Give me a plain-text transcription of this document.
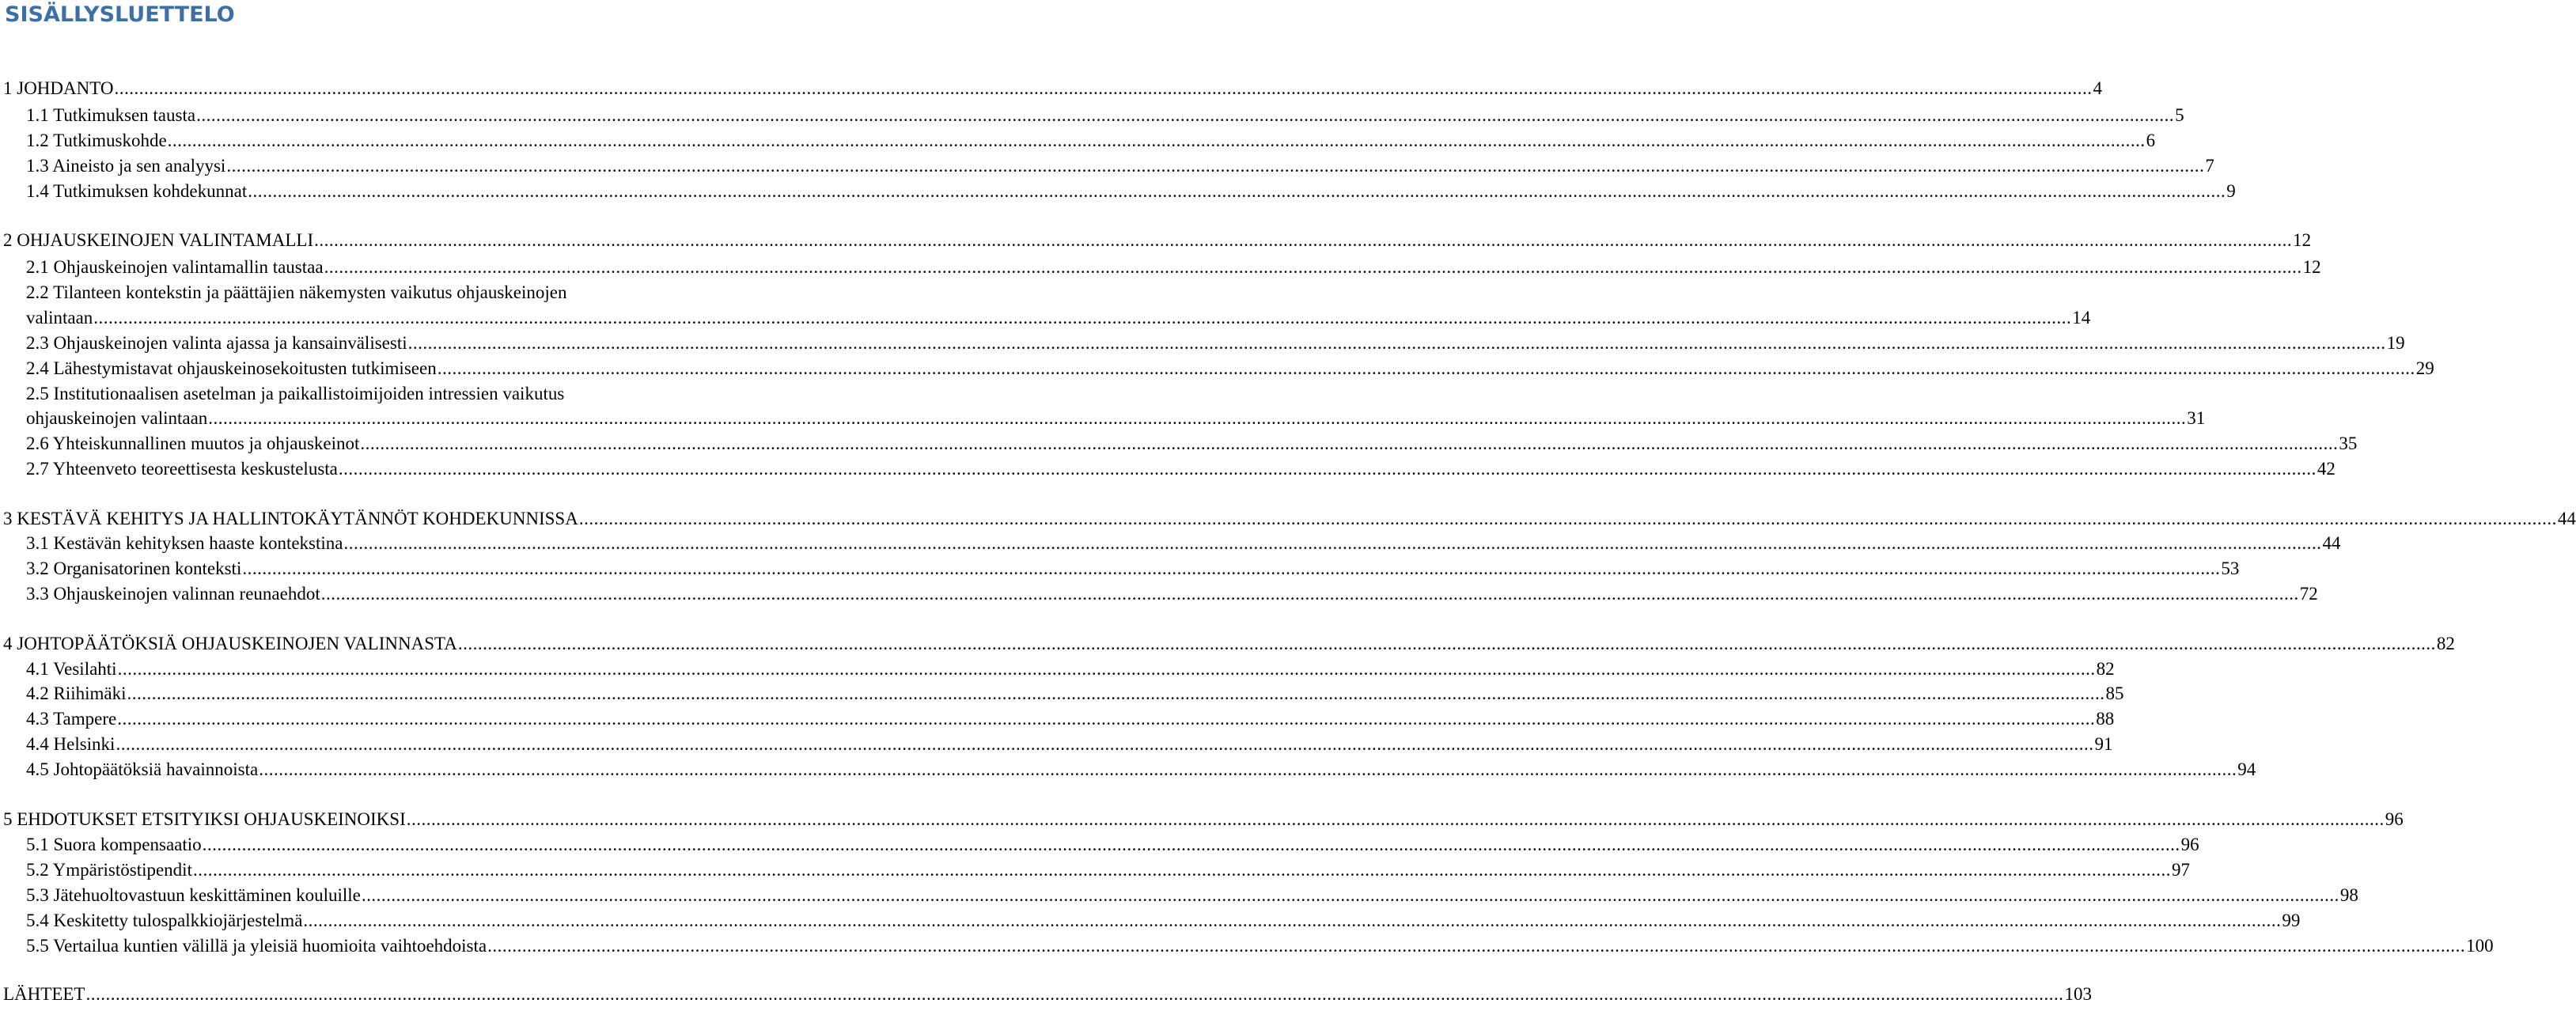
SISÄLLYSLUETTELO
1 JOHDANTO ................................................................................................................................................................................................................................................................................................................................................................................................................ 4
1.1 Tutkimuksen tausta ................................................................................................................................................................................................................................................................................................................................................................................................................ 5
1.2 Tutkimuskohde ................................................................................................................................................................................................................................................................................................................................................................................................................ 6
1.3 Aineisto ja sen analyysi ................................................................................................................................................................................................................................................................................................................................................................................................................ 7
1.4 Tutkimuksen kohdekunnat ................................................................................................................................................................................................................................................................................................................................................................................................................ 9
2 OHJAUSKEINOJEN VALINTAMALLI ................................................................................................................................................................................................................................................................................................................................................................................................................ 12
2.1 Ohjauskeinojen valintamallin taustaa ................................................................................................................................................................................................................................................................................................................................................................................................................ 12
2.2 Tilanteen kontekstin ja päättäjien näkemysten vaikutus ohjauskeinojen
valintaan ................................................................................................................................................................................................................................................................................................................................................................................................................ 14
2.3 Ohjauskeinojen valinta ajassa ja kansainvälisesti ................................................................................................................................................................................................................................................................................................................................................................................................................ 19
2.4 Lähestymistavat ohjauskeinosekoitusten tutkimiseen ................................................................................................................................................................................................................................................................................................................................................................................................................ 29
2.5 Institutionaalisen asetelman ja paikallistoimijoiden intressien vaikutus
ohjauskeinojen valintaan ................................................................................................................................................................................................................................................................................................................................................................................................................ 31
2.6 Yhteiskunnallinen muutos ja ohjauskeinot ................................................................................................................................................................................................................................................................................................................................................................................................................ 35
2.7 Yhteenveto teoreettisesta keskustelusta ................................................................................................................................................................................................................................................................................................................................................................................................................ 42
3 KESTÄVÄ KEHITYS JA HALLINTOKÄYTÄNNÖT KOHDEKUNNISSA ................................................................................................................................................................................................................................................................................................................................................................................................................ 44
3.1 Kestävän kehityksen haaste kontekstina ................................................................................................................................................................................................................................................................................................................................................................................................................ 44
3.2 Organisatorinen konteksti ................................................................................................................................................................................................................................................................................................................................................................................................................ 53
3.3 Ohjauskeinojen valinnan reunaehdot ................................................................................................................................................................................................................................................................................................................................................................................................................ 72
4 JOHTOPÄÄTÖKSIÄ OHJAUSKEINOJEN VALINNASTA ................................................................................................................................................................................................................................................................................................................................................................................................................ 82
4.1 Vesilahti ................................................................................................................................................................................................................................................................................................................................................................................................................ 82
4.2 Riihimäki ................................................................................................................................................................................................................................................................................................................................................................................................................ 85
4.3 Tampere ................................................................................................................................................................................................................................................................................................................................................................................................................ 88
4.4 Helsinki ................................................................................................................................................................................................................................................................................................................................................................................................................ 91
4.5 Johtopäätöksiä havainnoista ................................................................................................................................................................................................................................................................................................................................................................................................................ 94
5 EHDOTUKSET ETSITYIKSI OHJAUSKEINOIKSI ................................................................................................................................................................................................................................................................................................................................................................................................................ 96
5.1 Suora kompensaatio ................................................................................................................................................................................................................................................................................................................................................................................................................ 96
5.2 Ympäristöstipendit ................................................................................................................................................................................................................................................................................................................................................................................................................ 97
5.3 Jätehuoltovastuun keskittäminen kouluille ................................................................................................................................................................................................................................................................................................................................................................................................................ 98
5.4 Keskitetty tulospalkkiojärjestelmä ................................................................................................................................................................................................................................................................................................................................................................................................................ 99
5.5 Vertailua kuntien välillä ja yleisiä huomioita vaihtoehdoista ................................................................................................................................................................................................................................................................................................................................................................................................................ 100
LÄHTEET ................................................................................................................................................................................................................................................................................................................................................................................................................ 103
